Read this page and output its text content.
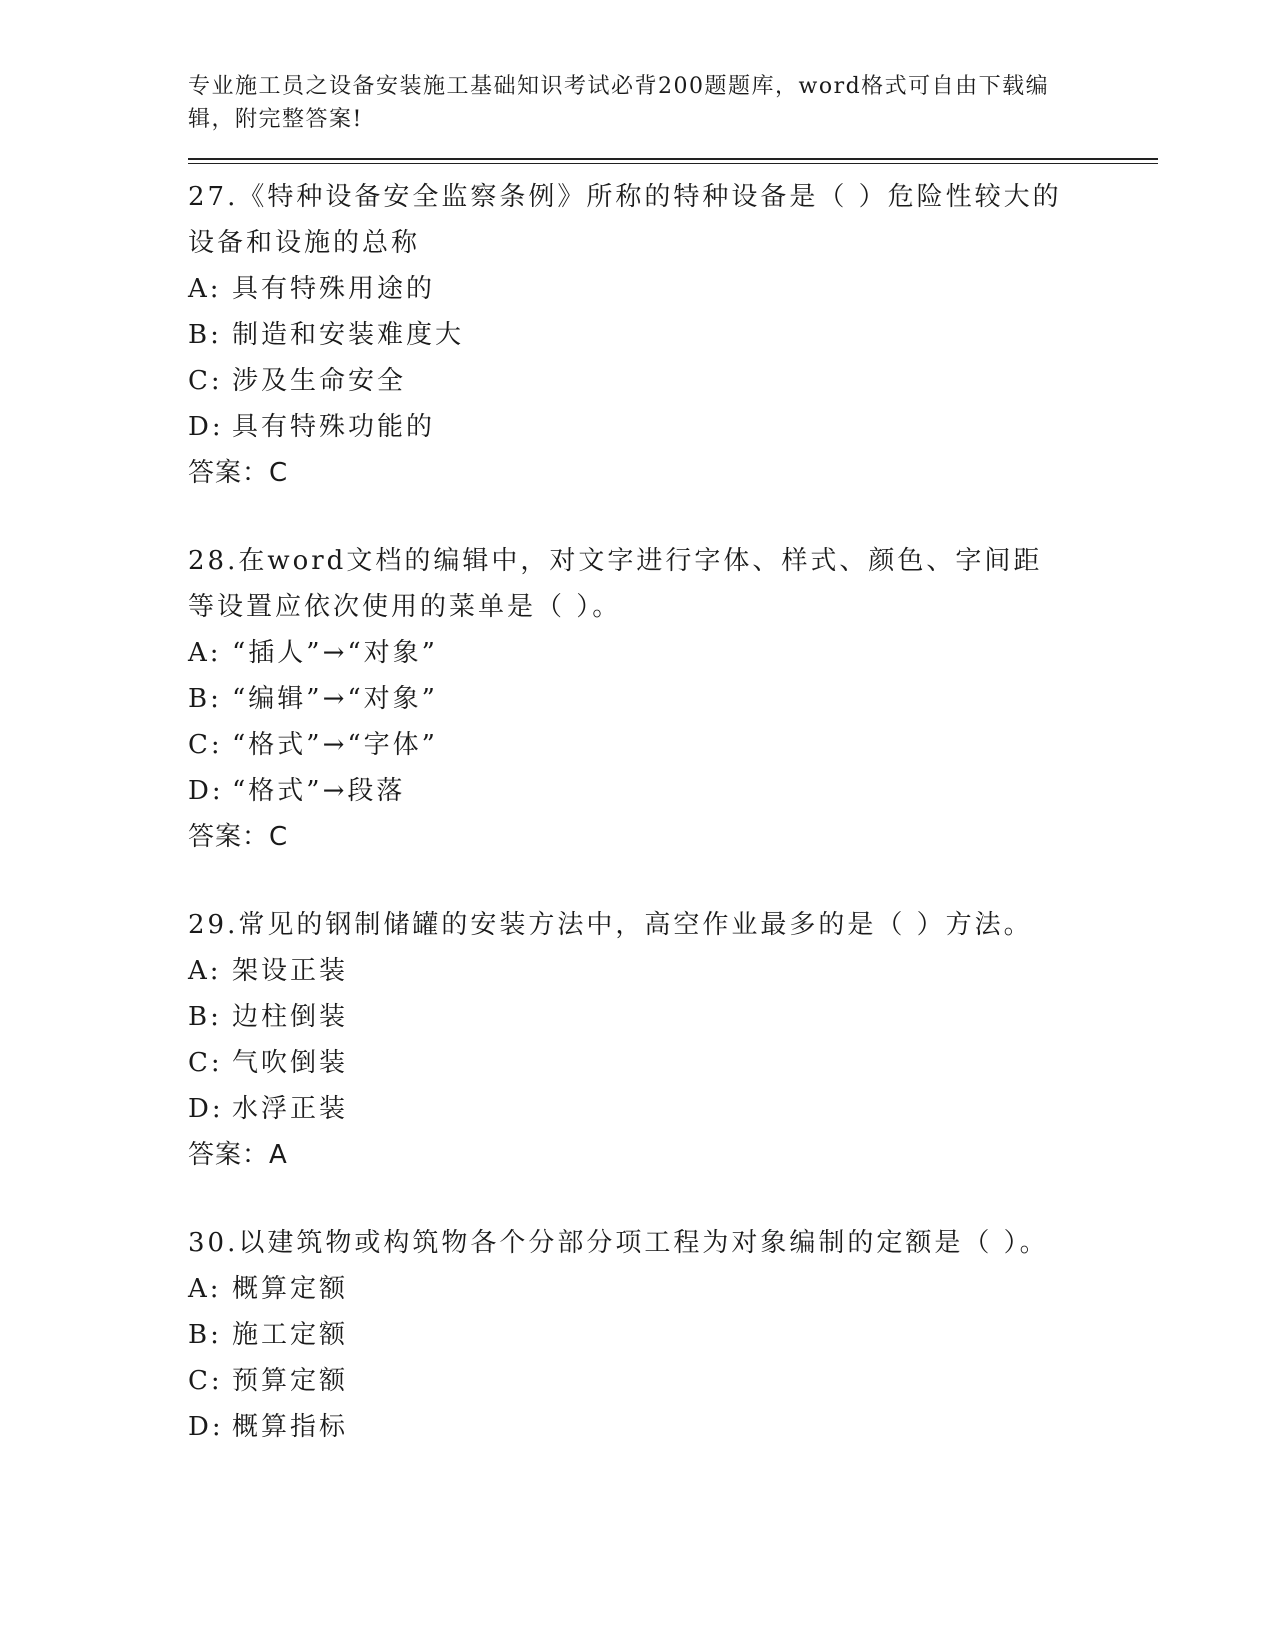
专业施工员之设备安装施工基础知识考试必背200题题库，word格式可自由下载编辑，附完整答案!
27.《特种设备安全监察条例》所称的特种设备是（ ）危险性较大的设备和设施的总称
A: 具有特殊用途的
B: 制造和安装难度大
C: 涉及生命安全
D: 具有特殊功能的
答案：C
28.在word文档的编辑中，对文字进行字体、样式、颜色、字间距等设置应依次使用的菜单是（ ）。
A: “插人”→“对象”
B: “编辑”→“对象”
C: “格式”→“字体”
D: “格式”→段落
答案：C
29.常见的钢制储罐的安装方法中，高空作业最多的是（ ）方法。
A: 架设正装
B: 边柱倒装
C: 气吹倒装
D: 水浮正装
答案：A
30.以建筑物或构筑物各个分部分项工程为对象编制的定额是（ ）。
A: 概算定额
B: 施工定额
C: 预算定额
D: 概算指标
